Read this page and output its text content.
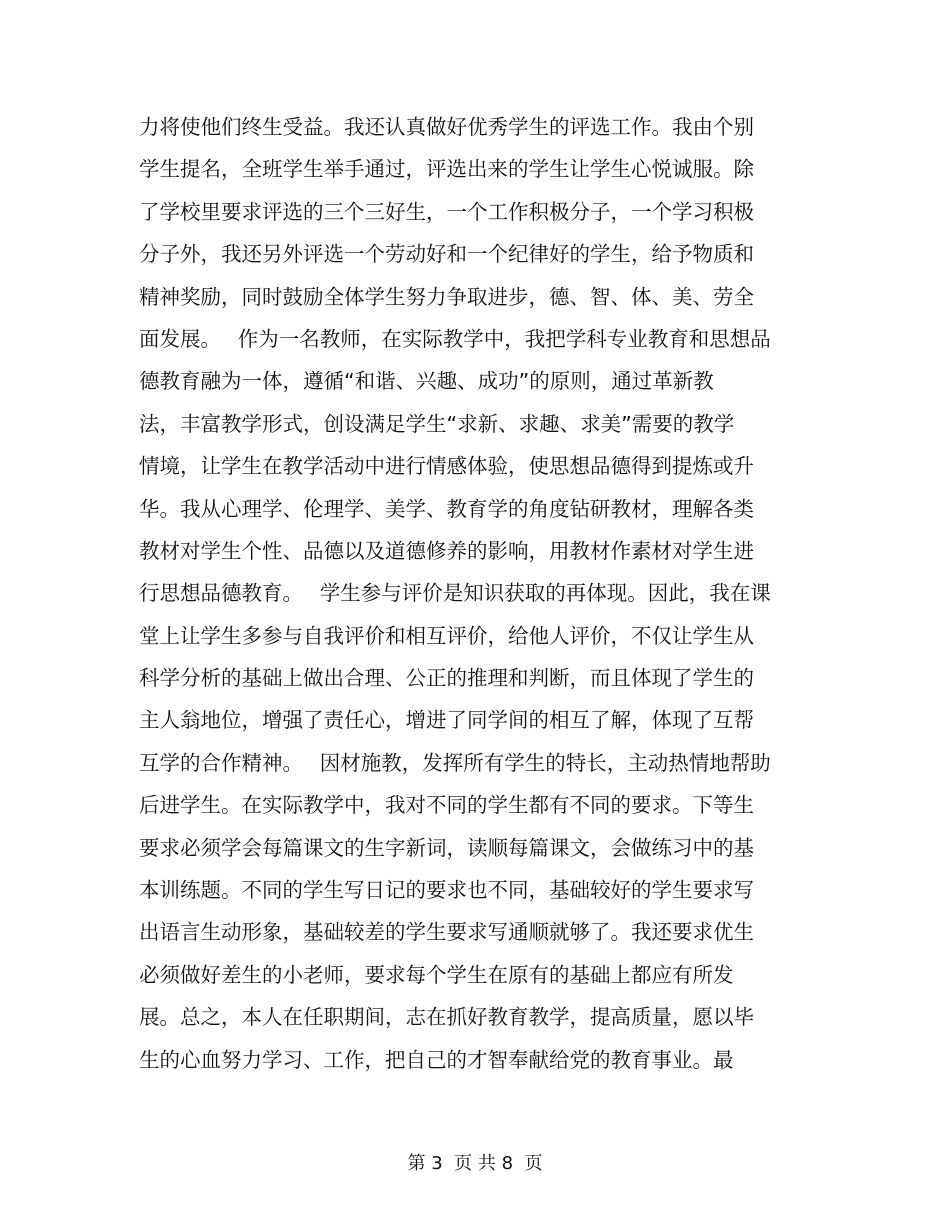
力将使他们终生受益。我还认真做好优秀学生的评选工作。我由个别
学生提名，全班学生举手通过，评选出来的学生让学生心悦诚服。除
了学校里要求评选的三个三好生，一个工作积极分子，一个学习积极
分子外，我还另外评选一个劳动好和一个纪律好的学生，给予物质和
精神奖励，同时鼓励全体学生努力争取进步，德、智、体、美、劳全
面发展。　 作为一名教师，在实际教学中，我把学科专业教育和思想品
德教育融为一体，遵循“和谐、兴趣、成功”的原则，通过革新教
法，丰富教学形式，创设满足学生“求新、求趣、求美”需要的教学
情境，让学生在教学活动中进行情感体验，使思想品德得到提炼或升
华。我从心理学、伦理学、美学、教育学的角度钻研教材，理解各类
教材对学生个性、品德以及道德修养的影响，用教材作素材对学生进
行思想品德教育。　 学生参与评价是知识获取的再体现。因此，我在课
堂上让学生多参与自我评价和相互评价，给他人评价，不仅让学生从
科学分析的基础上做出合理、公正的推理和判断，而且体现了学生的
主人翁地位，增强了责任心，增进了同学间的相互了解，体现了互帮
互学的合作精神。　 因材施教，发挥所有学生的特长，主动热情地帮助
后进学生。在实际教学中，我对不同的学生都有不同的要求。下等生
要求必须学会每篇课文的生字新词，读顺每篇课文，会做练习中的基
本训练题。不同的学生写日记的要求也不同，基础较好的学生要求写
出语言生动形象，基础较差的学生要求写通顺就够了。我还要求优生
必须做好差生的小老师，要求每个学生在原有的基础上都应有所发
展。总之，本人在任职期间，志在抓好教育教学，提高质量，愿以毕
生的心血努力学习、工作，把自己的才智奉献给党的教育事业。最
第 3  页 共 8  页
